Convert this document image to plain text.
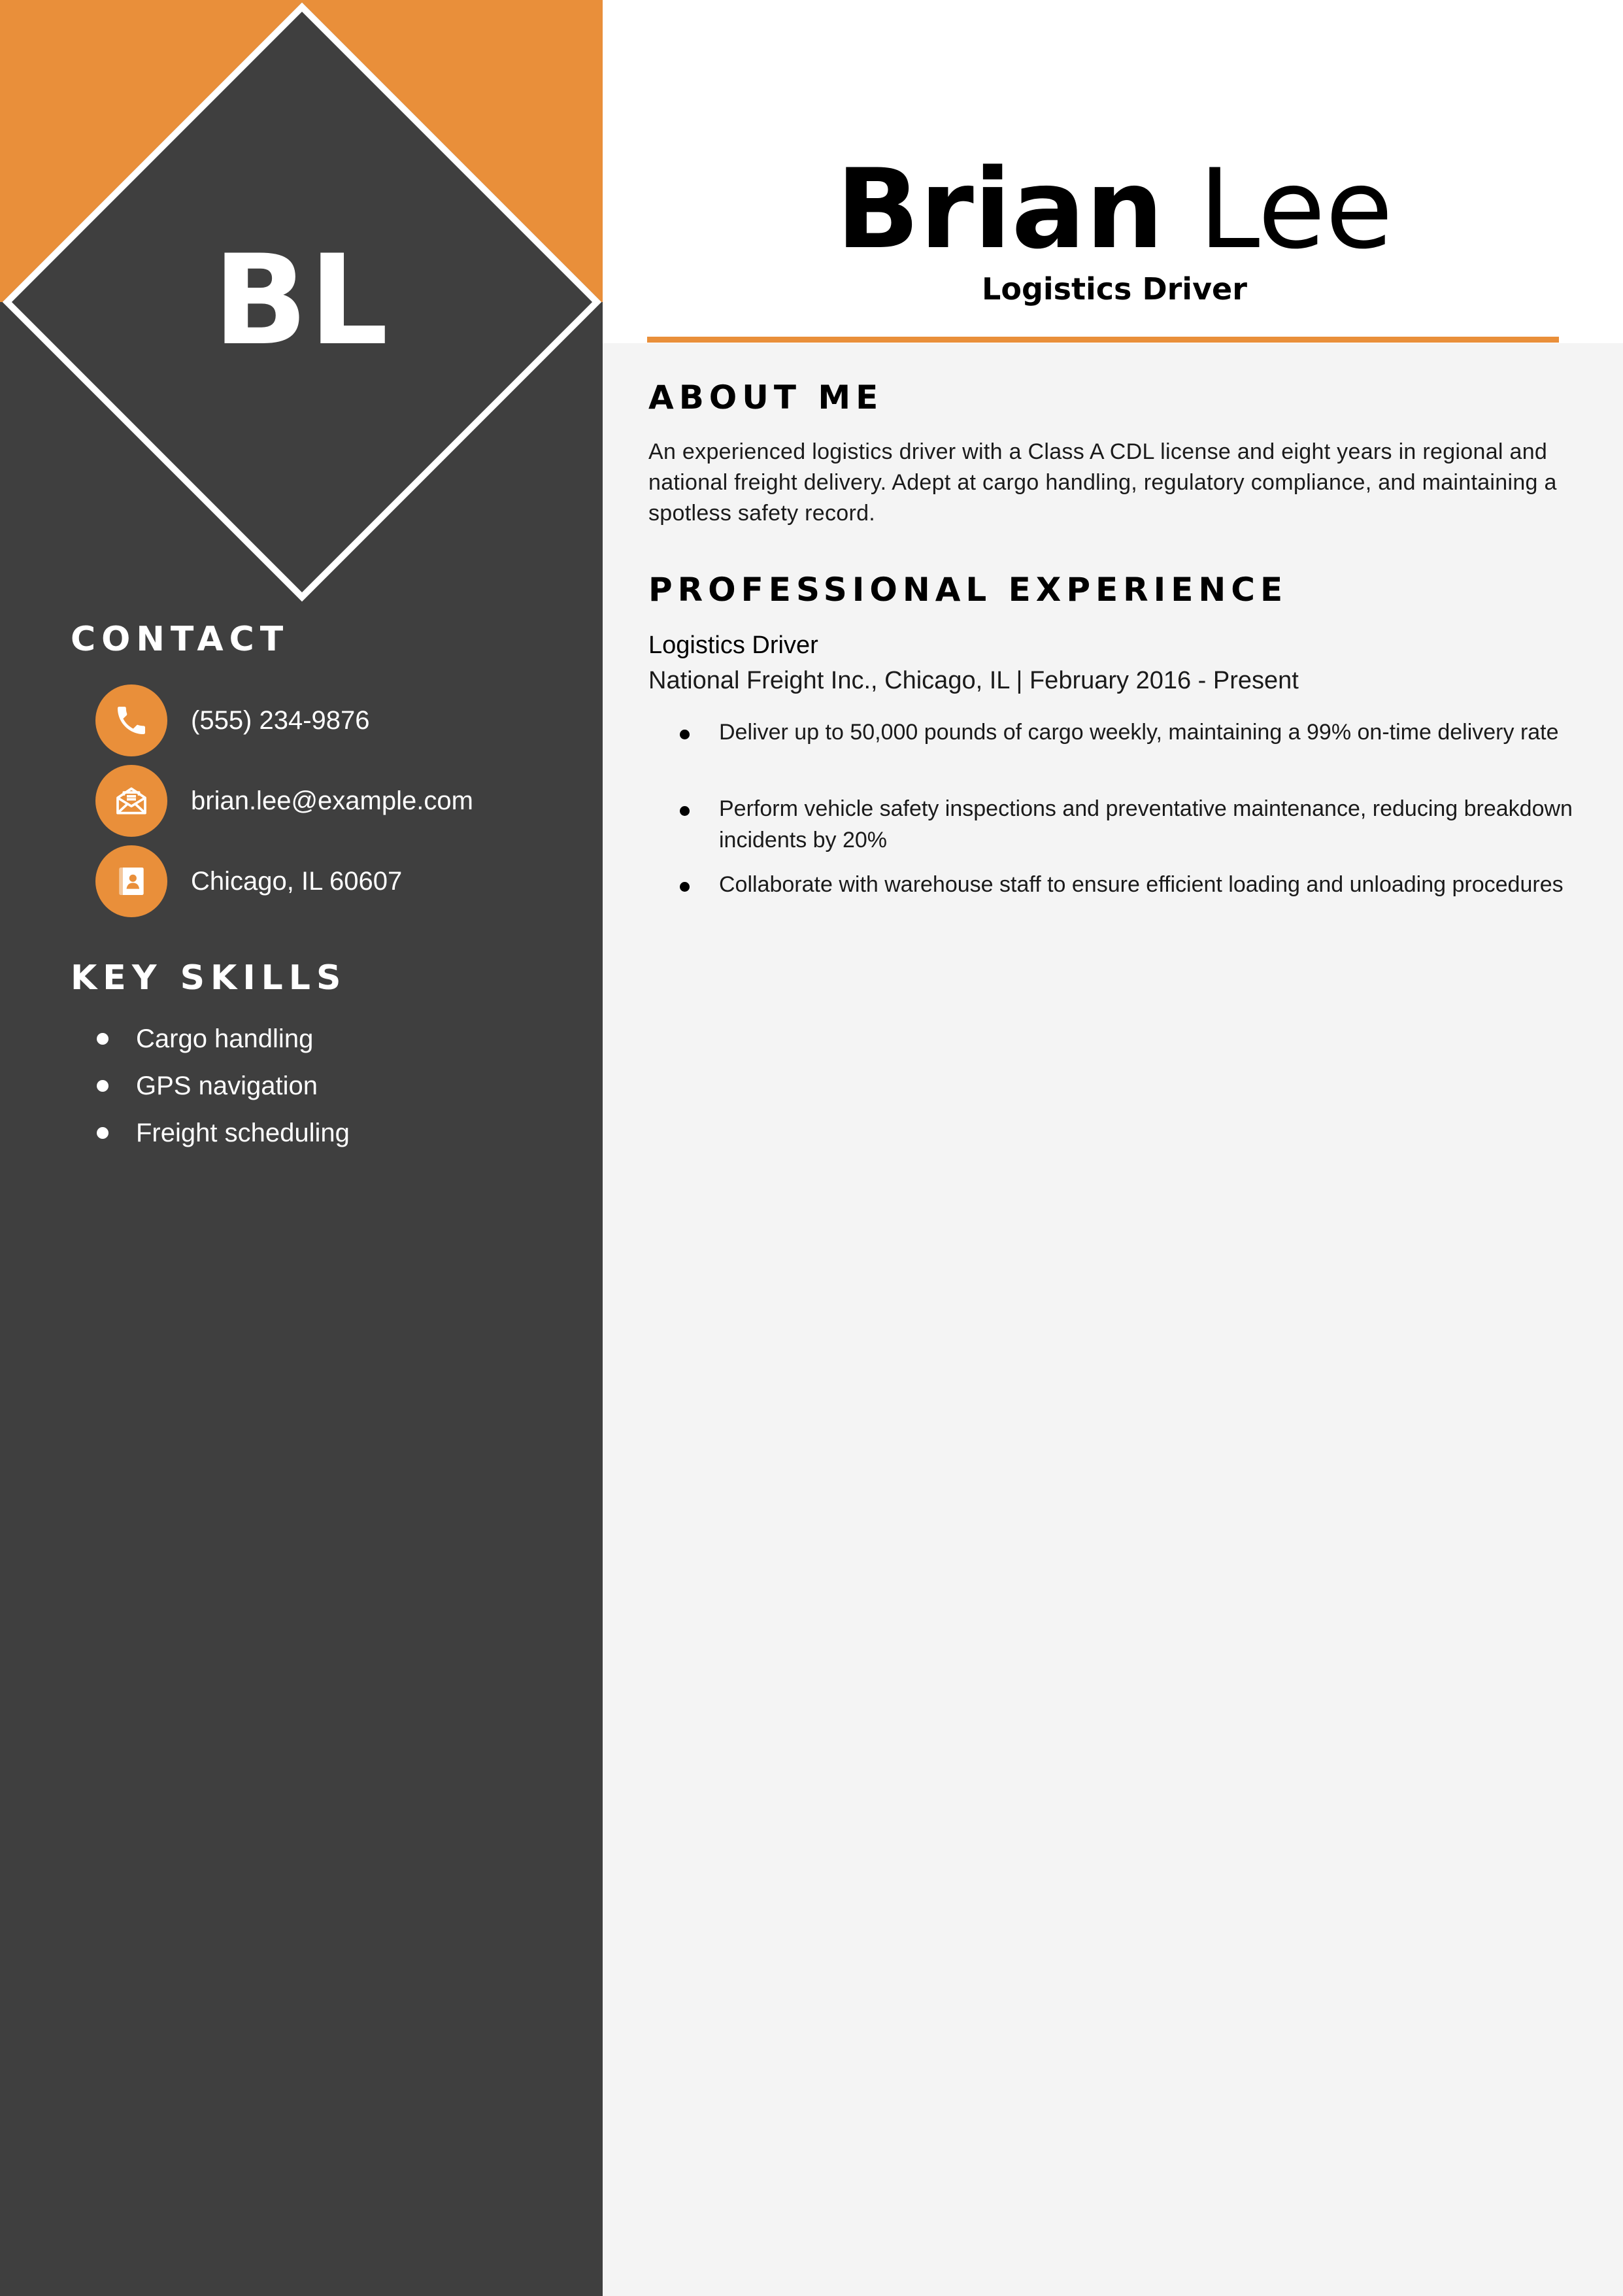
BL
CONTACT
(555) 234-9876
brian.lee@example.com
Chicago, IL 60607
KEY SKILLS
Cargo handling
GPS navigation
Freight scheduling
Brian Lee
Logistics Driver
ABOUT ME
An experienced logistics driver with a Class A CDL license and eight years in regional and national freight delivery. Adept at cargo handling, regulatory compliance, and maintaining a spotless safety record.
PROFESSIONAL EXPERIENCE
Logistics Driver
National Freight Inc., Chicago, IL | February 2016 - Present
Deliver up to 50,000 pounds of cargo weekly, maintaining a 99% on-time delivery rate
Perform vehicle safety inspections and preventative maintenance, reducing breakdown incidents by 20%
Collaborate with warehouse staff to ensure efficient loading and unloading procedures
